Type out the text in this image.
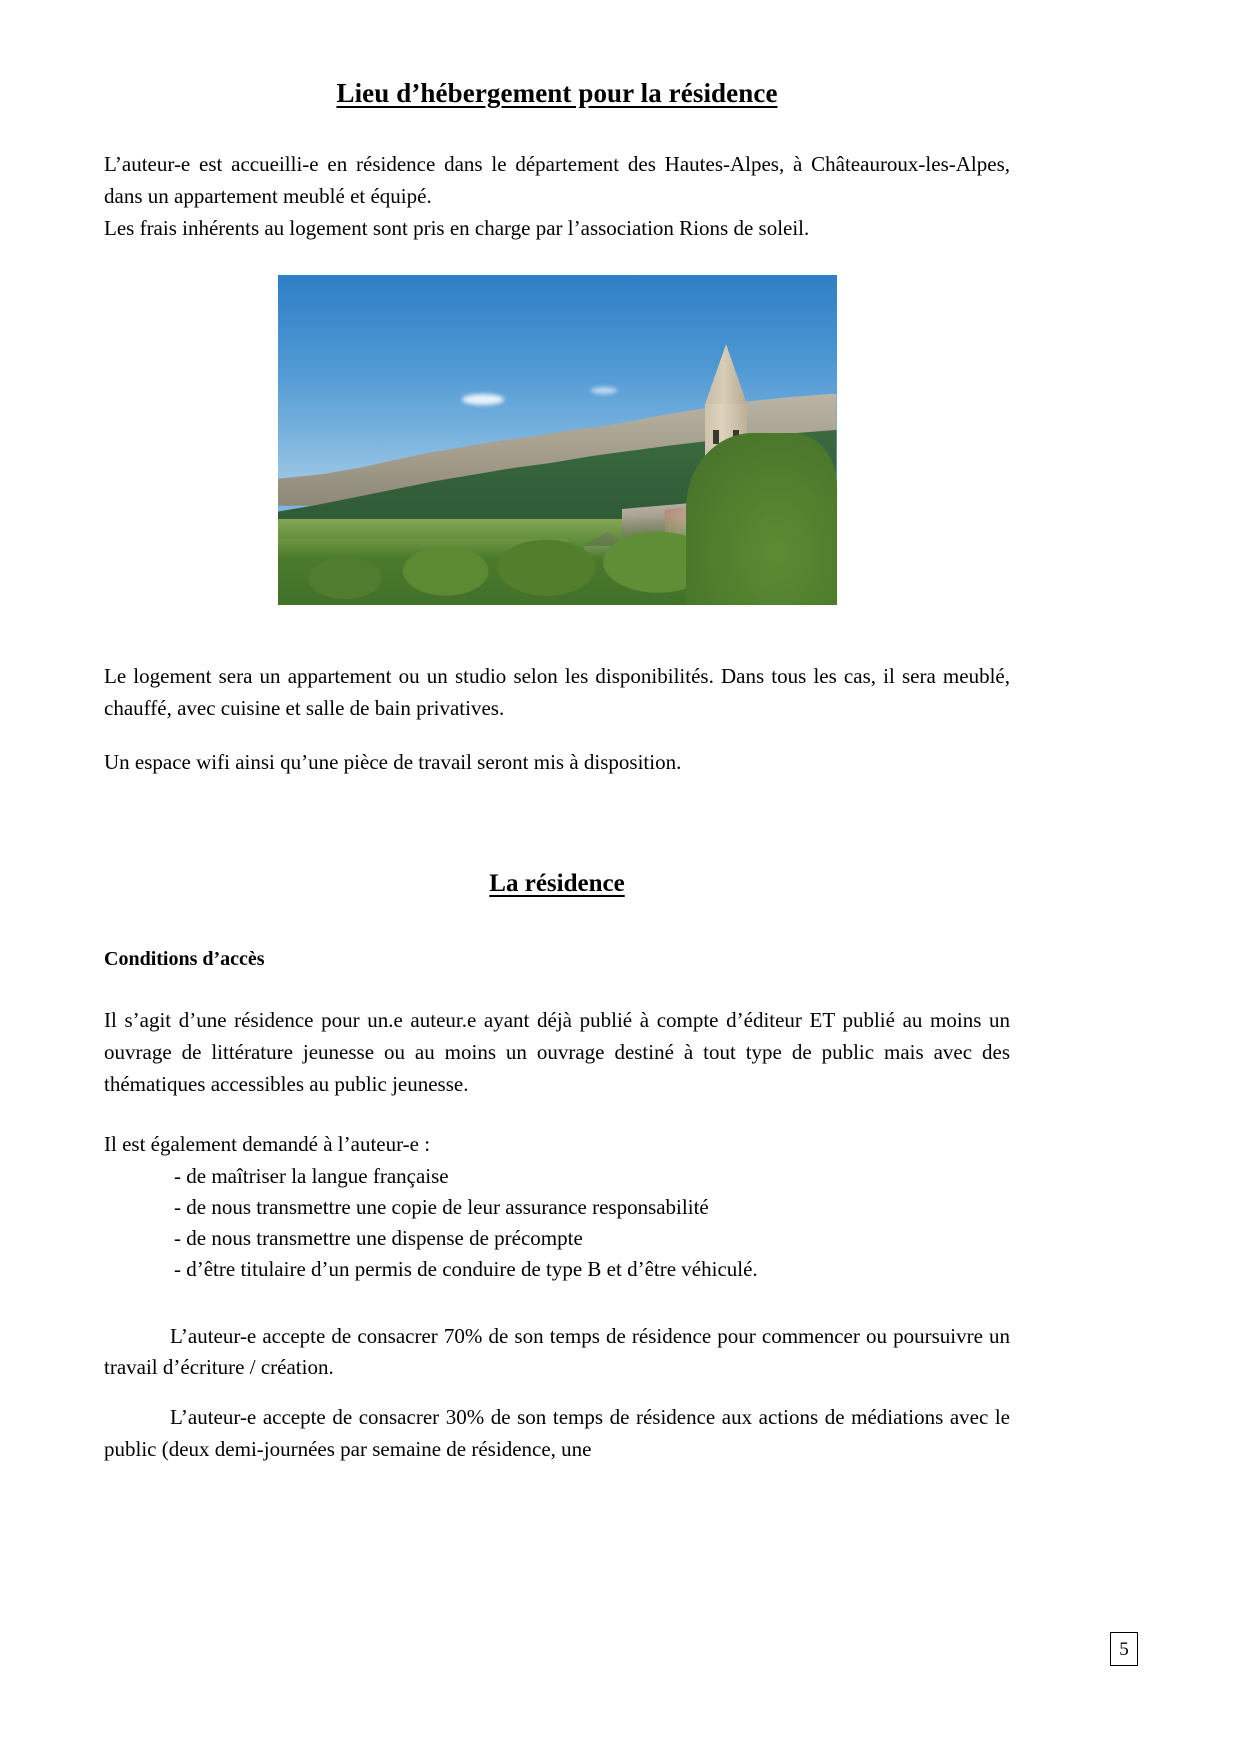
Lieu d’hébergement pour la résidence

L’auteur-e est accueilli-e en résidence dans le département des Hautes-Alpes, à Châteauroux-les-Alpes, dans un appartement meublé et équipé.

Les frais inhérents au logement sont pris en charge par l’association Rions de soleil.

Le logement sera un appartement ou un studio selon les disponibilités. Dans tous les cas, il sera meublé, chauffé, avec cuisine et salle de bain privatives.

Un espace wifi ainsi qu’une pièce de travail seront mis à disposition.

La résidence
Conditions d’accès

Il s’agit d’une résidence pour un.e auteur.e ayant déjà publié à compte d’éditeur ET publié au moins un ouvrage de littérature jeunesse ou au moins un ouvrage destiné à tout type de public mais avec des thématiques accessibles au public jeunesse.

Il est également demandé à l’auteur-e :

- de maîtriser la langue française
- de nous transmettre une copie de leur assurance responsabilité
- de nous transmettre une dispense de précompte
- d’être titulaire d’un permis de conduire de type B et d’être véhiculé.

L’auteur-e accepte de consacrer 70% de son temps de résidence pour commencer ou poursuivre un travail d’écriture / création.

L’auteur-e accepte de consacrer 30% de son temps de résidence aux actions de médiations avec le public (deux demi-journées par semaine de résidence, une

5
